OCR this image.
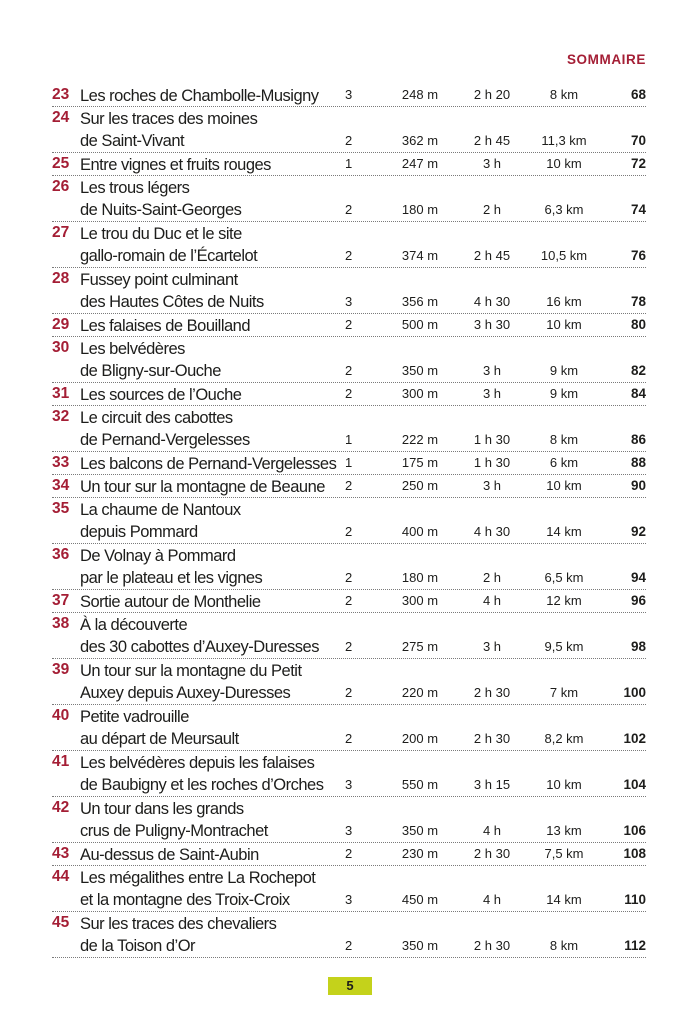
SOMMAIRE
23 Les roches de Chambolle-Musigny 3	248 m	2 h 20	8 km	68
24 Sur les traces des moines
de Saint-Vivant	2	362 m	2 h 45	11,3 km	70
25 Entre vignes et fruits rouges	1	247 m	3 h	10 km	72
26 Les trous légers
de Nuits-Saint-Georges	2	180 m	2 h	6,3 km	74
27 Le trou du Duc et le site
gallo-romain de l’Écartelot	2	374 m	2 h 45	10,5 km	76
28 Fussey point culminant
des Hautes Côtes de Nuits	3	356 m	4 h 30	16 km	78
29 Les falaises de Bouilland	2	500 m	3 h 30	10 km	80
30 Les belvédères
de Bligny-sur-Ouche	2	350 m	3 h	9 km	82
31 Les sources de l’Ouche	2	300 m	3 h	9 km	84
32 Le circuit des cabottes
de Pernand-Vergelesses	1	222 m	1 h 30	8 km	86
33 Les balcons de Pernand-Vergelesses 1	175 m	1 h 30	6 km	88
34 Un tour sur la montagne de Beaune 2	250 m	3 h	10 km	90
35 La chaume de Nantoux
depuis Pommard	2	400 m	4 h 30	14 km	92
36 De Volnay à Pommard
par le plateau et les vignes	2	180 m	2 h	6,5 km	94
37 Sortie autour de Monthelie	2	300 m	4 h	12 km	96
38 À la découverte
des 30 cabottes d’Auxey-Duresses 2	275 m	3 h	9,5 km	98
39 Un tour sur la montagne du Petit
Auxey depuis Auxey-Duresses	2	220 m	2 h 30	7 km	100
40 Petite vadrouille
au départ de Meursault	2	200 m	2 h 30	8,2 km	102
41 Les belvédères depuis les falaises
de Baubigny et les roches d’Orches 3	550 m	3 h 15	10 km	104
42 Un tour dans les grands
crus de Puligny-Montrachet	3	350 m	4 h	13 km	106
43 Au-dessus de Saint-Aubin	2	230 m	2 h 30	7,5 km	108
44 Les mégalithes entre La Rochepot
et la montagne des Troix-Croix	3	450 m	4 h	14 km	110
45 Sur les traces des chevaliers
de la Toison d’Or	2	350 m	2 h 30	8 km	112
5
